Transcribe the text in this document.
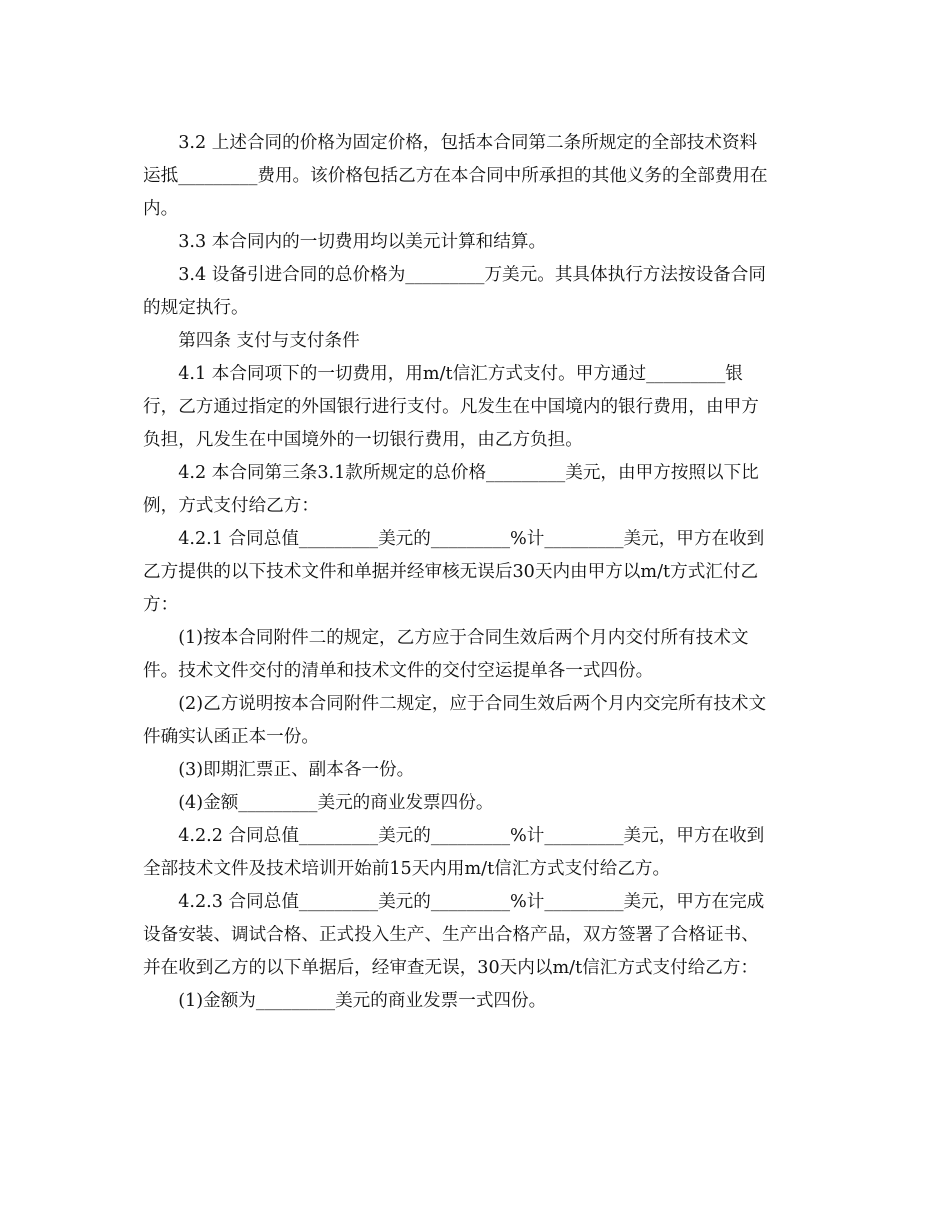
3.2 上述合同的价格为固定价格，包括本合同第二条所规定的全部技术资料
运抵_________费用。该价格包括乙方在本合同中所承担的其他义务的全部费用在
内。

3.3 本合同内的一切费用均以美元计算和结算。

3.4 设备引进合同的总价格为_________万美元。其具体执行方法按设备合同
的规定执行。

第四条 支付与支付条件

4.1 本合同项下的一切费用，用m/t信汇方式支付。甲方通过_________银
行，乙方通过指定的外国银行进行支付。凡发生在中国境内的银行费用，由甲方
负担，凡发生在中国境外的一切银行费用，由乙方负担。

4.2 本合同第三条3.1款所规定的总价格_________美元，由甲方按照以下比
例，方式支付给乙方：

4.2.1 合同总值_________美元的_________%计_________美元，甲方在收到
乙方提供的以下技术文件和单据并经审核无误后30天内由甲方以m/t方式汇付乙
方：

(1)按本合同附件二的规定，乙方应于合同生效后两个月内交付所有技术文
件。技术文件交付的清单和技术文件的交付空运提单各一式四份。

(2)乙方说明按本合同附件二规定，应于合同生效后两个月内交完所有技术文
件确实认函正本一份。

(3)即期汇票正、副本各一份。

(4)金额_________美元的商业发票四份。

4.2.2 合同总值_________美元的_________%计_________美元，甲方在收到
全部技术文件及技术培训开始前15天内用m/t信汇方式支付给乙方。

4.2.3 合同总值_________美元的_________%计_________美元，甲方在完成
设备安装、调试合格、正式投入生产、生产出合格产品，双方签署了合格证书、
并在收到乙方的以下单据后，经审查无误，30天内以m/t信汇方式支付给乙方：

(1)金额为_________美元的商业发票一式四份。
